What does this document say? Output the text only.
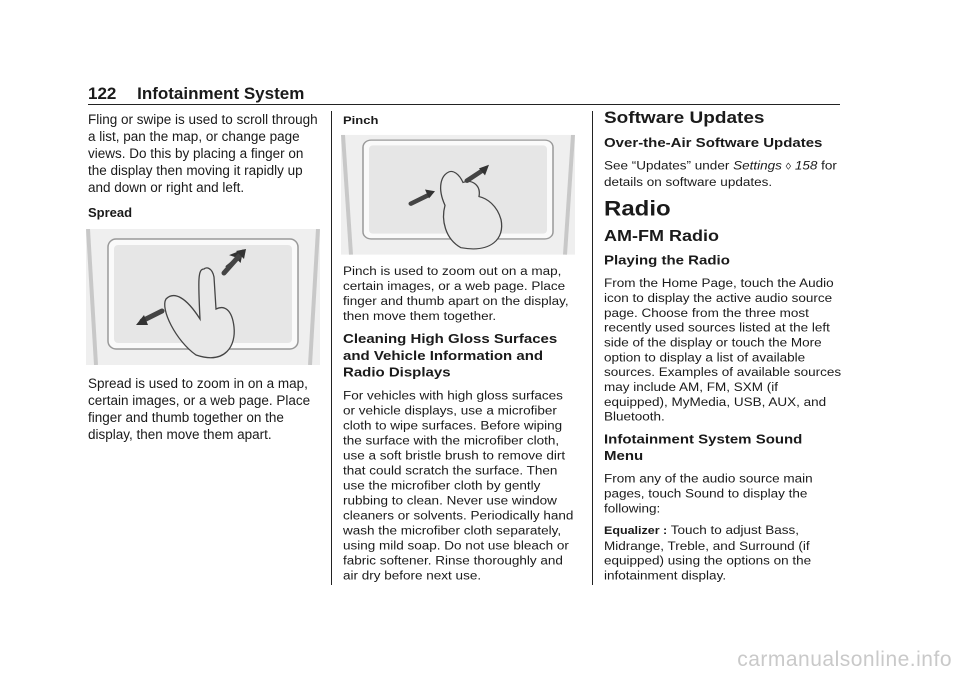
122 Infotainment System

Fling or swipe is used to scroll through a list, pan the map, or change page views. Do this by placing a finger on the display then moving it rapidly up and down or right and left.

Spread

Spread is used to zoom in on a map, certain images, or a web page. Place finger and thumb together on the display, then move them apart.

Pinch

Pinch is used to zoom out on a map, certain images, or a web page. Place finger and thumb apart on the display, then move them together.

Cleaning High Gloss Surfaces and Vehicle Information and Radio Displays

For vehicles with high gloss surfaces or vehicle displays, use a microfiber cloth to wipe surfaces. Before wiping the surface with the microfiber cloth, use a soft bristle brush to remove dirt that could scratch the surface. Then use the microfiber cloth by gently rubbing to clean. Never use window cleaners or solvents. Periodically hand wash the microfiber cloth separately, using mild soap. Do not use bleach or fabric softener. Rinse thoroughly and air dry before next use.

Software Updates
Over-the-Air Software Updates

See “Updates” under Settings ◊ 158 for details on software updates.

Radio
AM-FM Radio
Playing the Radio

From the Home Page, touch the Audio icon to display the active audio source page. Choose from the three most recently used sources listed at the left side of the display or touch the More option to display a list of available sources. Examples of available sources may include AM, FM, SXM (if equipped), MyMedia, USB, AUX, and Bluetooth.

Infotainment System Sound Menu

From any of the audio source main pages, touch Sound to display the following:

Equalizer : Touch to adjust Bass, Midrange, Treble, and Surround (if equipped) using the options on the infotainment display.

carmanualsonline.info
